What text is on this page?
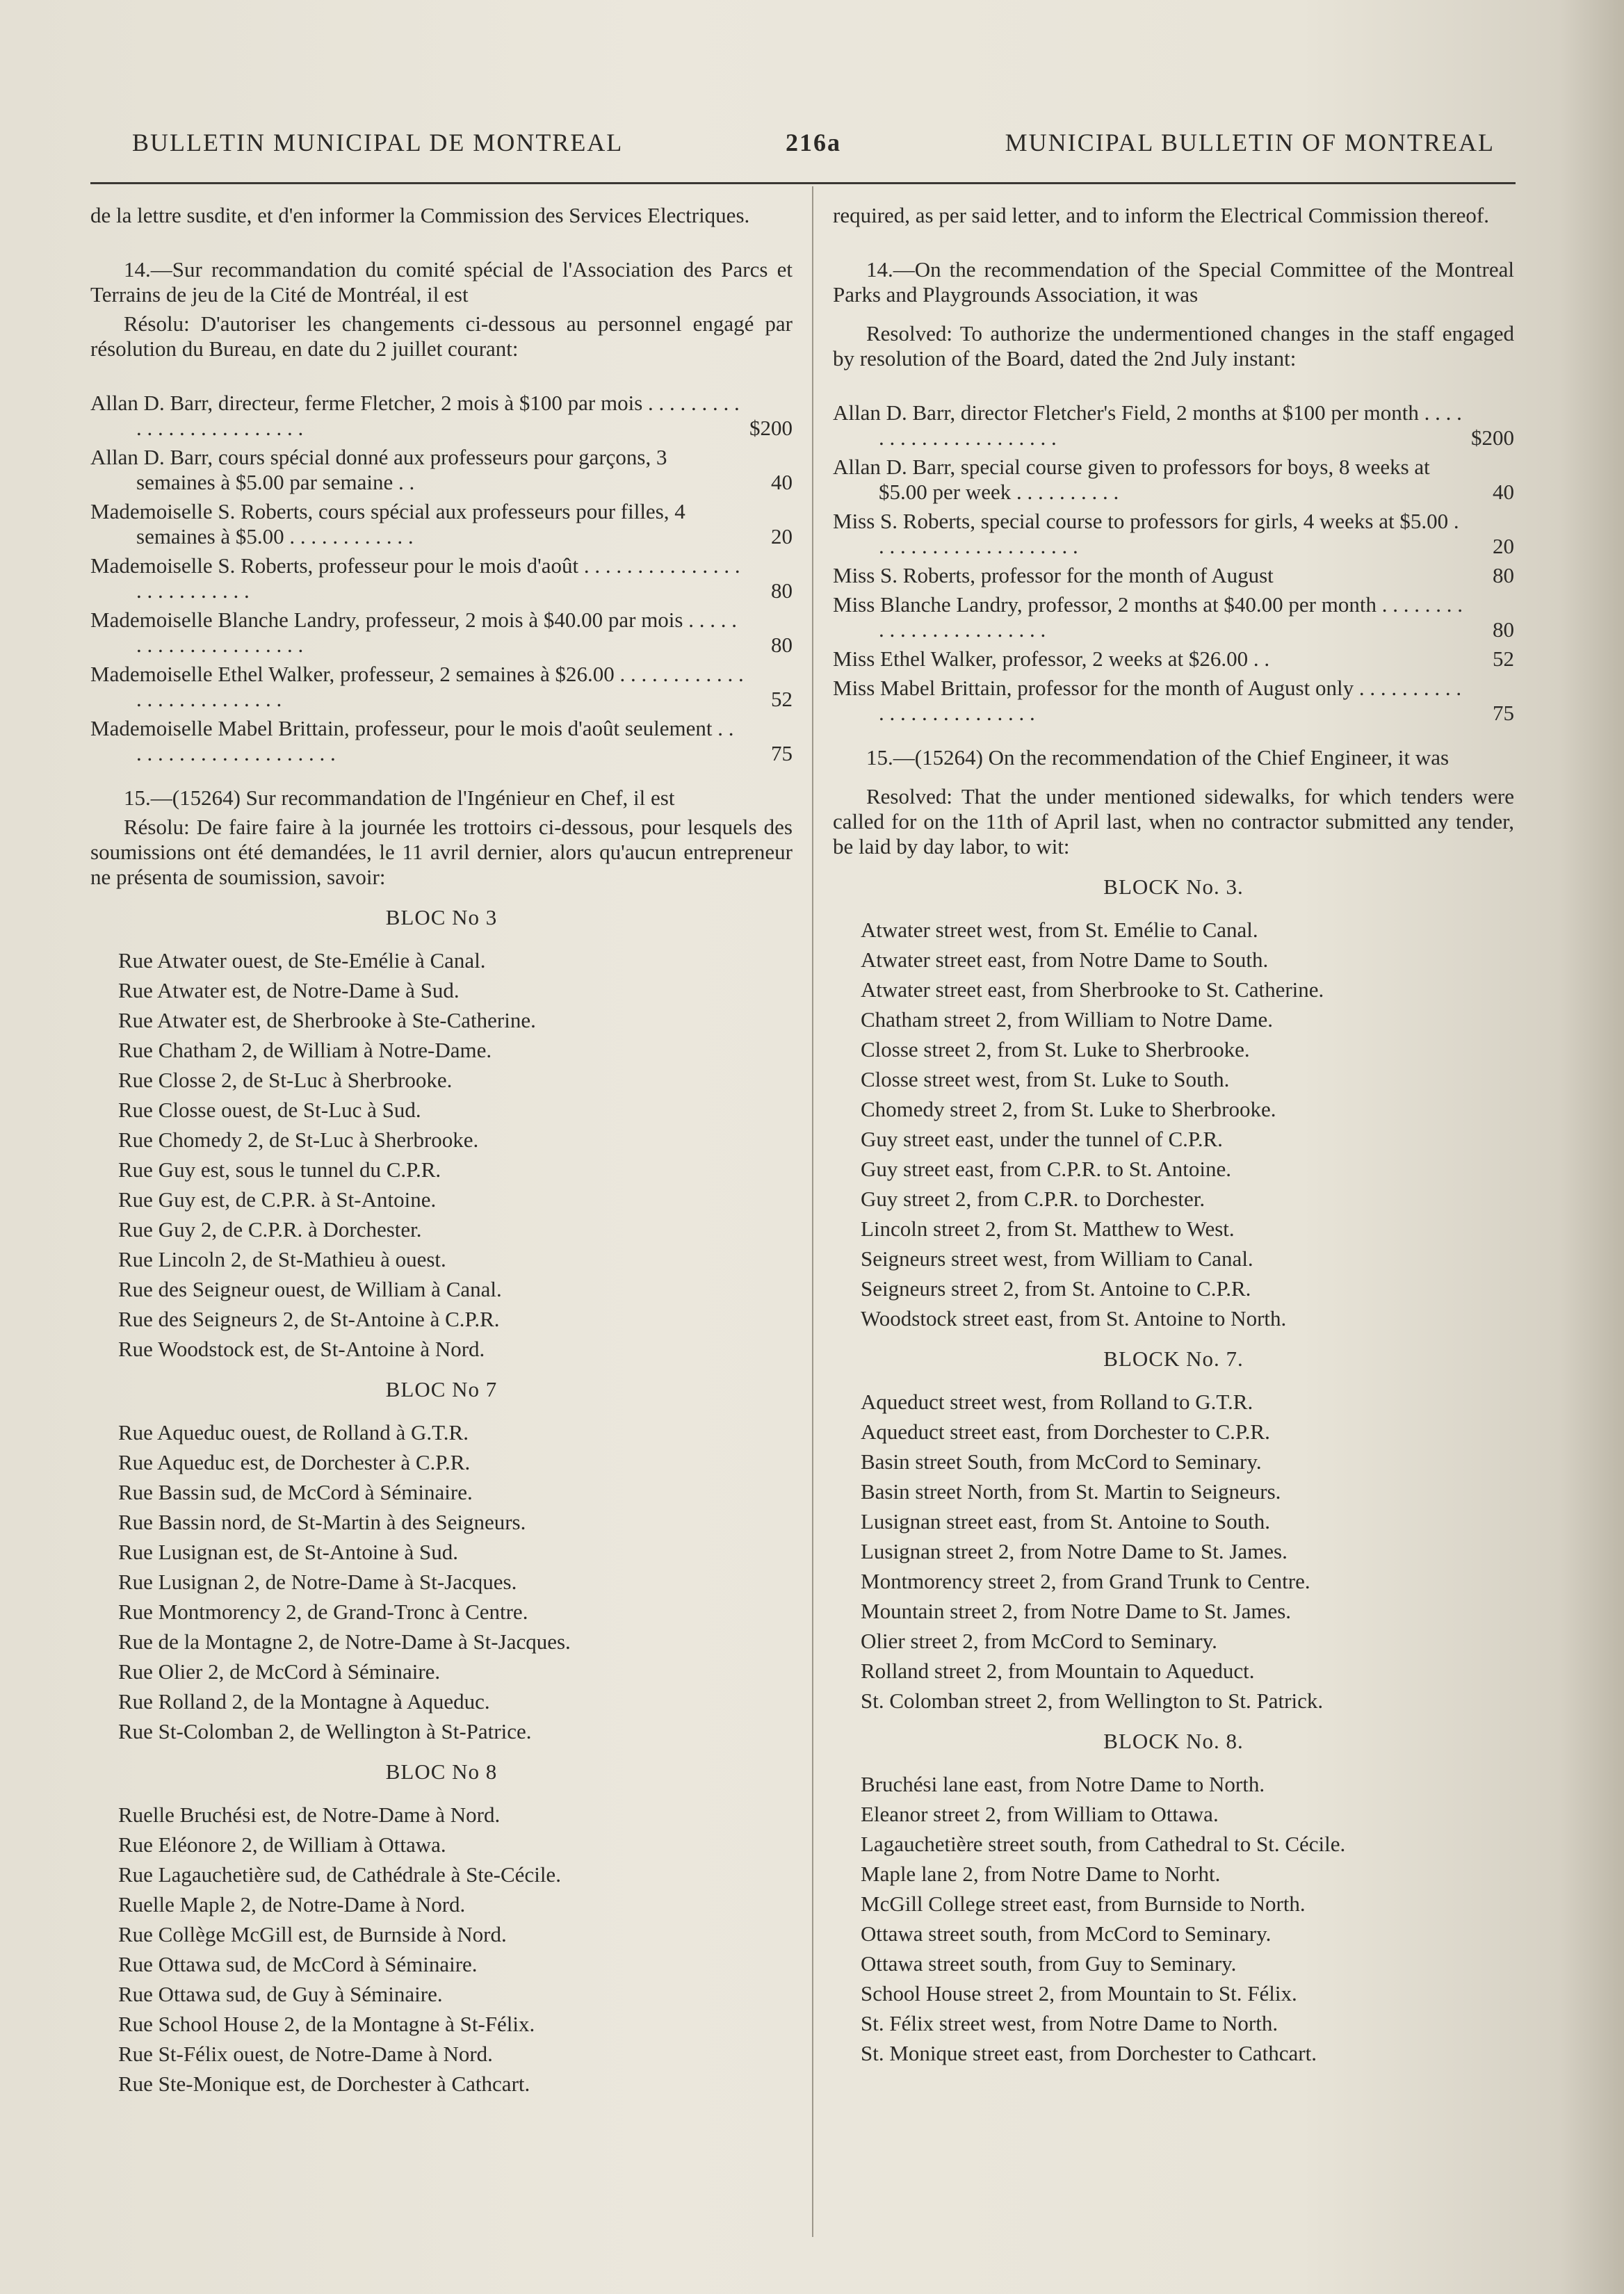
BULLETIN MUNICIPAL DE MONTREAL	216a	MUNICIPAL BULLETIN OF MONTREAL

de la lettre susdite, et d'en informer la Commission des Services Electriques.

14.—Sur recommandation du comité spécial de l'Association des Parcs et Terrains de jeu de la Cité de Montréal, il est

Résolu: D'autoriser les changements ci-dessous au personnel engagé par résolution du Bureau, en date du 2 juillet courant:

Allan D. Barr, directeur, ferme Fletcher, 2 mois à $100 par mois . . . . . . . . . . . . . . . . . . . . . . . . .	$200
Allan D. Barr, cours spécial donné aux professeurs pour garçons, 3 semaines à $5.00 par semaine . .	40
Mademoiselle S. Roberts, cours spécial aux professeurs pour filles, 4 semaines à $5.00 . . . . . . . . . . . .	20
Mademoiselle S. Roberts, professeur pour le mois d'août . . . . . . . . . . . . . . . . . . . . . . . . . .	80
Mademoiselle Blanche Landry, professeur, 2 mois à $40.00 par mois . . . . . . . . . . . . . . . . . . . . .	80
Mademoiselle Ethel Walker, professeur, 2 semaines à $26.00 . . . . . . . . . . . . . . . . . . . . . . . . . .	52
Mademoiselle Mabel Brittain, professeur, pour le mois d'août seulement . . . . . . . . . . . . . . . . . . . . .	75

15.—(15264) Sur recommandation de l'Ingénieur en Chef, il est

Résolu: De faire faire à la journée les trottoirs ci-dessous, pour lesquels des soumissions ont été demandées, le 11 avril dernier, alors qu'aucun entrepreneur ne présenta de soumission, savoir:

BLOC No 3
Rue Atwater ouest, de Ste-Emélie à Canal.
Rue Atwater est, de Notre-Dame à Sud.
Rue Atwater est, de Sherbrooke à Ste-Catherine.
Rue Chatham 2, de William à Notre-Dame.
Rue Closse 2, de St-Luc à Sherbrooke.
Rue Closse ouest, de St-Luc à Sud.
Rue Chomedy 2, de St-Luc à Sherbrooke.
Rue Guy est, sous le tunnel du C.P.R.
Rue Guy est, de C.P.R. à St-Antoine.
Rue Guy 2, de C.P.R. à Dorchester.
Rue Lincoln 2, de St-Mathieu à ouest.
Rue des Seigneur ouest, de William à Canal.
Rue des Seigneurs 2, de St-Antoine à C.P.R.
Rue Woodstock est, de St-Antoine à Nord.
BLOC No 7
Rue Aqueduc ouest, de Rolland à G.T.R.
Rue Aqueduc est, de Dorchester à C.P.R.
Rue Bassin sud, de McCord à Séminaire.
Rue Bassin nord, de St-Martin à des Seigneurs.
Rue Lusignan est, de St-Antoine à Sud.
Rue Lusignan 2, de Notre-Dame à St-Jacques.
Rue Montmorency 2, de Grand-Tronc à Centre.
Rue de la Montagne 2, de Notre-Dame à St-Jacques.
Rue Olier 2, de McCord à Séminaire.
Rue Rolland 2, de la Montagne à Aqueduc.
Rue St-Colomban 2, de Wellington à St-Patrice.
BLOC No 8
Ruelle Bruchési est, de Notre-Dame à Nord.
Rue Eléonore 2, de William à Ottawa.
Rue Lagauchetière sud, de Cathédrale à Ste-Cécile.
Ruelle Maple 2, de Notre-Dame à Nord.
Rue Collège McGill est, de Burnside à Nord.
Rue Ottawa sud, de McCord à Séminaire.
Rue Ottawa sud, de Guy à Séminaire.
Rue School House 2, de la Montagne à St-Félix.
Rue St-Félix ouest, de Notre-Dame à Nord.
Rue Ste-Monique est, de Dorchester à Cathcart.

required, as per said letter, and to inform the Electrical Commission thereof.

14.—On the recommendation of the Special Committee of the Montreal Parks and Playgrounds Association, it was

Resolved: To authorize the undermentioned changes in the staff engaged by resolution of the Board, dated the 2nd July instant:

Allan D. Barr, director Fletcher's Field, 2 months at $100 per month . . . . . . . . . . . . . . . . . . . . .	$200
Allan D. Barr, special course given to professors for boys, 8 weeks at $5.00 per week . . . . . . . . . .	40
Miss S. Roberts, special course to professors for girls, 4 weeks at $5.00 . . . . . . . . . . . . . . . . . . . .	20
Miss S. Roberts, professor for the month of August	80
Miss Blanche Landry, professor, 2 months at $40.00 per month . . . . . . . . . . . . . . . . . . . . . . . .	80
Miss Ethel Walker, professor, 2 weeks at $26.00 . .	52
Miss Mabel Brittain, professor for the month of August only . . . . . . . . . . . . . . . . . . . . . . . . .	75

15.—(15264) On the recommendation of the Chief Engineer, it was

Resolved: That the under mentioned sidewalks, for which tenders were called for on the 11th of April last, when no contractor submitted any tender, be laid by day labor, to wit:

BLOCK No. 3.
Atwater street west, from St. Emélie to Canal.
Atwater street east, from Notre Dame to South.
Atwater street east, from Sherbrooke to St. Catherine.
Chatham street 2, from William to Notre Dame.
Closse street 2, from St. Luke to Sherbrooke.
Closse street west, from St. Luke to South.
Chomedy street 2, from St. Luke to Sherbrooke.
Guy street east, under the tunnel of C.P.R.
Guy street east, from C.P.R. to St. Antoine.
Guy street 2, from C.P.R. to Dorchester.
Lincoln street 2, from St. Matthew to West.
Seigneurs street west, from William to Canal.
Seigneurs street 2, from St. Antoine to C.P.R.
Woodstock street east, from St. Antoine to North.
BLOCK No. 7.
Aqueduct street west, from Rolland to G.T.R.
Aqueduct street east, from Dorchester to C.P.R.
Basin street South, from McCord to Seminary.
Basin street North, from St. Martin to Seigneurs.
Lusignan street east, from St. Antoine to South.
Lusignan street 2, from Notre Dame to St. James.
Montmorency street 2, from Grand Trunk to Centre.
Mountain street 2, from Notre Dame to St. James.
Olier street 2, from McCord to Seminary.
Rolland street 2, from Mountain to Aqueduct.
St. Colomban street 2, from Wellington to St. Patrick.
BLOCK No. 8.
Bruchési lane east, from Notre Dame to North.
Eleanor street 2, from William to Ottawa.
Lagauchetière street south, from Cathedral to St. Cécile.
Maple lane 2, from Notre Dame to Norht.
McGill College street east, from Burnside to North.
Ottawa street south, from McCord to Seminary.
Ottawa street south, from Guy to Seminary.
School House street 2, from Mountain to St. Félix.
St. Félix street west, from Notre Dame to North.
St. Monique street east, from Dorchester to Cathcart.
